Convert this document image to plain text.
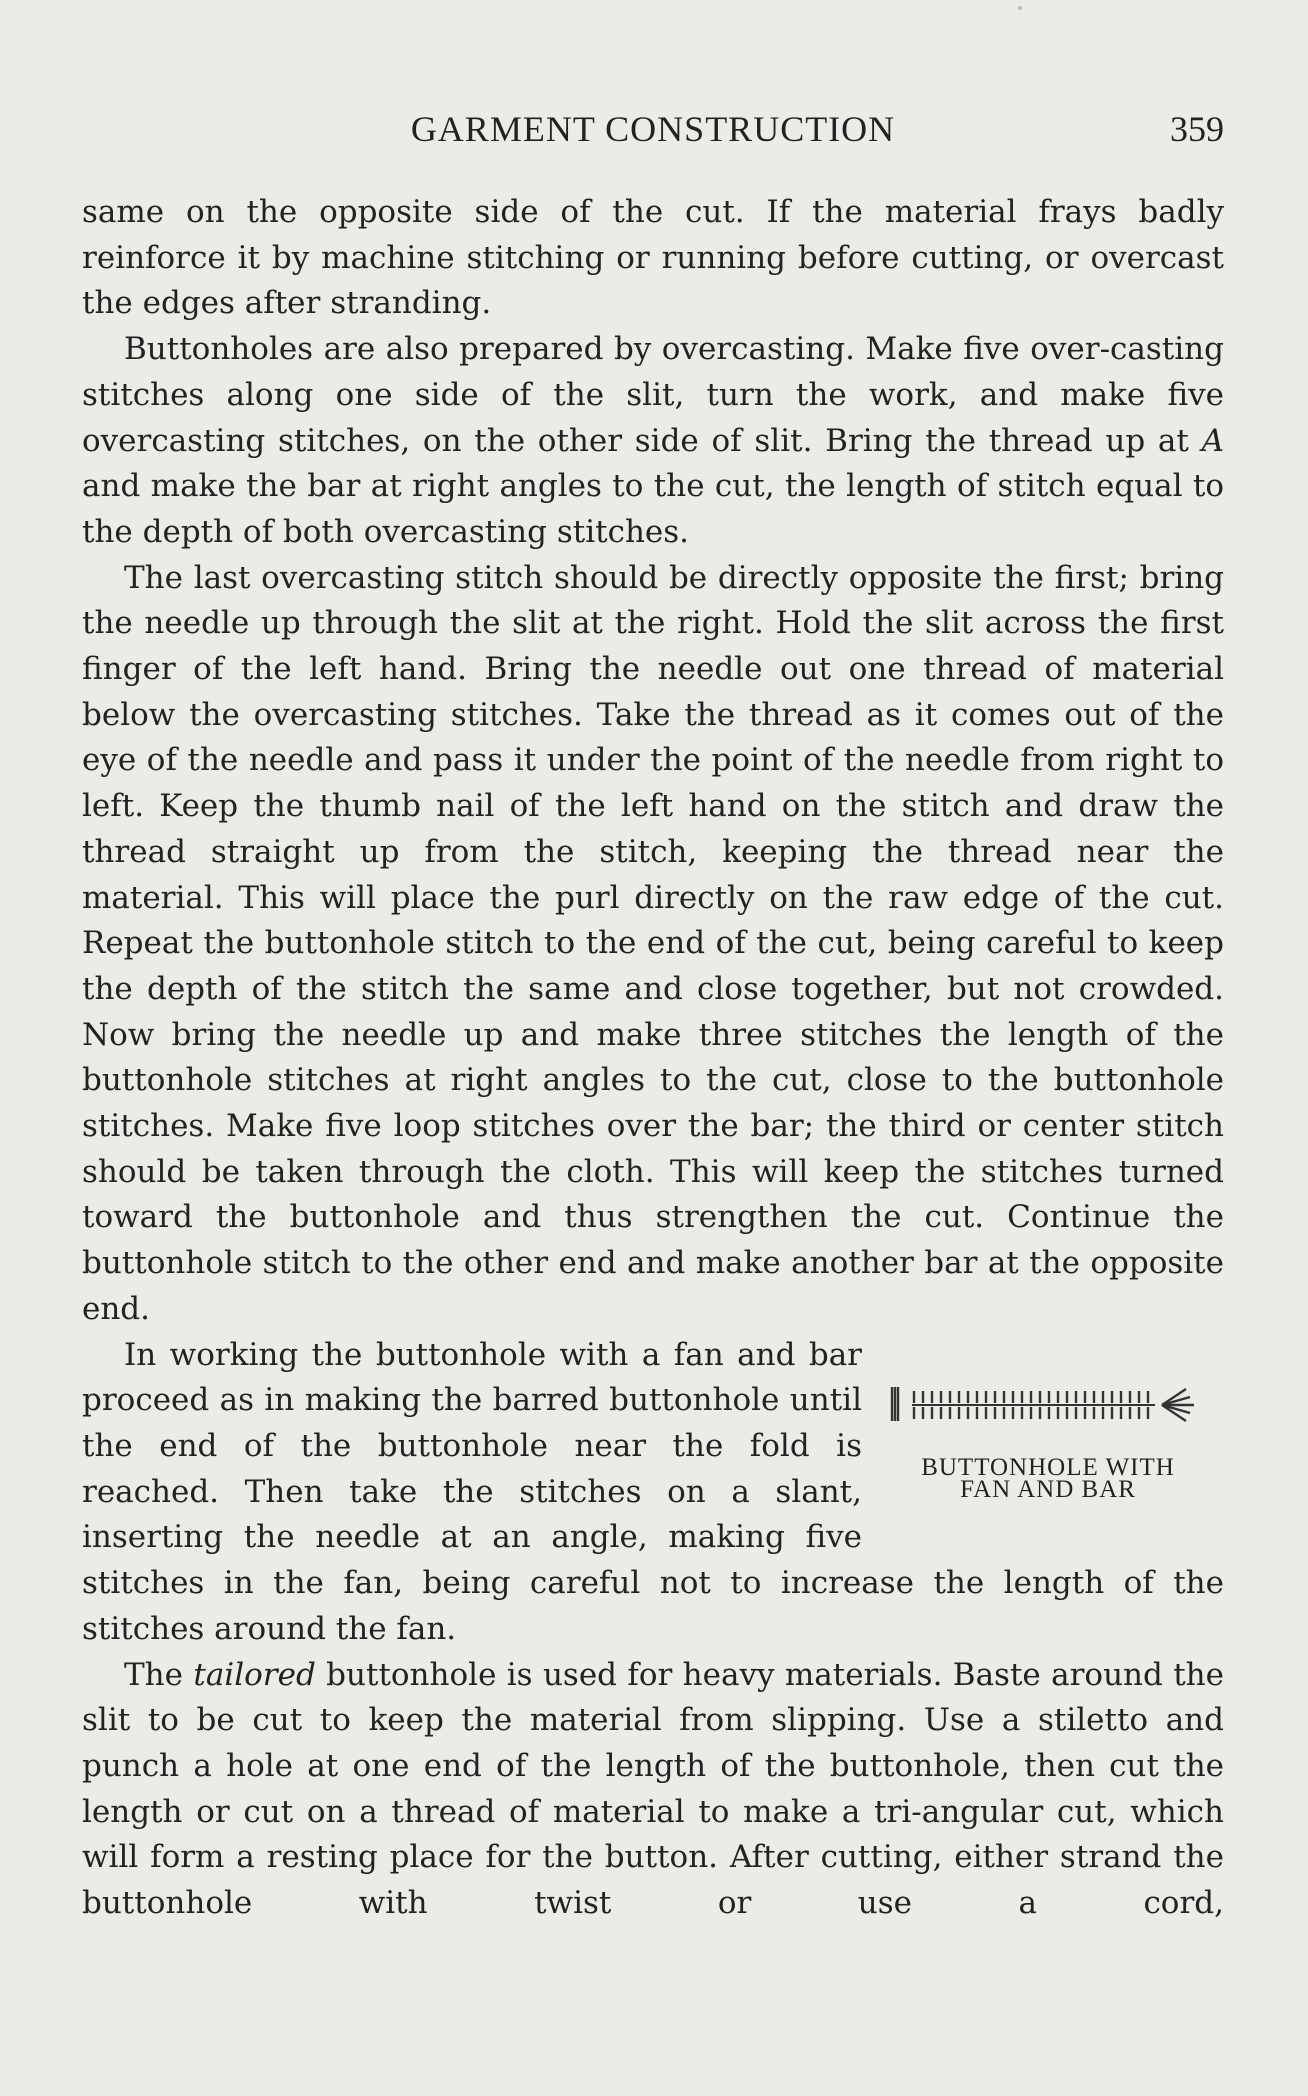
GARMENT CONSTRUCTION	359

same on the opposite side of the cut. If the material frays badly reinforce it by machine stitching or running before cutting, or overcast the edges after stranding.

Buttonholes are also prepared by overcasting. Make five over-casting stitches along one side of the slit, turn the work, and make five overcasting stitches, on the other side of slit. Bring the thread up at A and make the bar at right angles to the cut, the length of stitch equal to the depth of both overcasting stitches.

The last overcasting stitch should be directly opposite the first; bring the needle up through the slit at the right. Hold the slit across the first finger of the left hand. Bring the needle out one thread of material below the overcasting stitches. Take the thread as it comes out of the eye of the needle and pass it under the point of the needle from right to left. Keep the thumb nail of the left hand on the stitch and draw the thread straight up from the stitch, keeping the thread near the material. This will place the purl directly on the raw edge of the cut. Repeat the buttonhole stitch to the end of the cut, being careful to keep the depth of the stitch the same and close together, but not crowded. Now bring the needle up and make three stitches the length of the buttonhole stitches at right angles to the cut, close to the buttonhole stitches. Make five loop stitches over the bar; the third or center stitch should be taken through the cloth. This will keep the stitches turned toward the buttonhole and thus strengthen the cut. Continue the buttonhole stitch to the other end and make another bar at the opposite end.

BUTTONHOLE WITH
FAN AND BAR

In working the buttonhole with a fan and bar proceed as in making the barred buttonhole until the end of the buttonhole near the fold is reached. Then take the stitches on a slant, inserting the needle at an angle, making five stitches in the fan, being careful not to increase the length of the stitches around the fan.

The tailored buttonhole is used for heavy materials. Baste around the slit to be cut to keep the material from slipping. Use a stiletto and punch a hole at one end of the length of the buttonhole, then cut the length or cut on a thread of material to make a tri-angular cut, which will form a resting place for the button. After cutting, either strand the buttonhole with twist or use a cord,
